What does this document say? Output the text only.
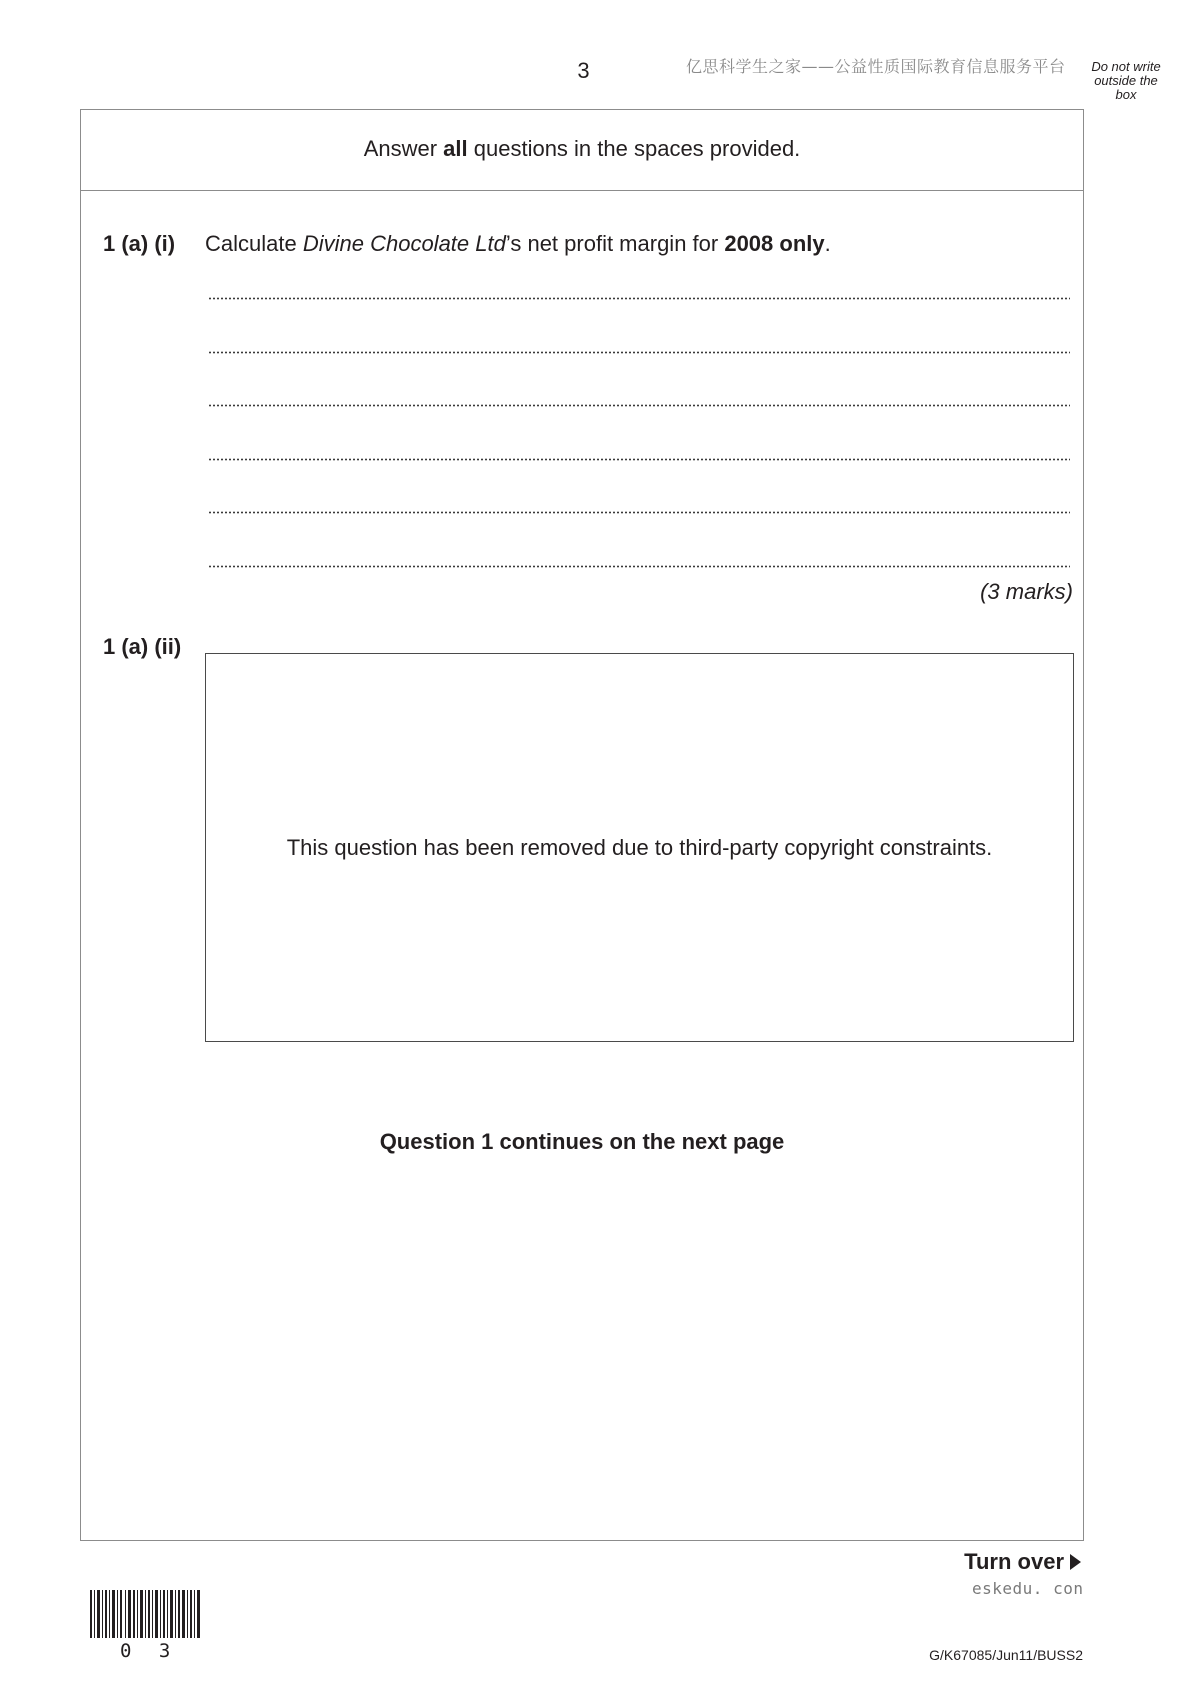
3	亿思科学生之家——公益性质国际教育信息服务平台	Do not write outside the box
Answer all questions in the spaces provided.
1 (a) (i) Calculate Divine Chocolate Ltd’s net profit margin for 2008 only.
(3 marks)
1 (a) (ii)
This question has been removed due to third-party copyright constraints.
Question 1 continues on the next page
Turn over
eskedu. con
0 3	G/K67085/Jun11/BUSS2
